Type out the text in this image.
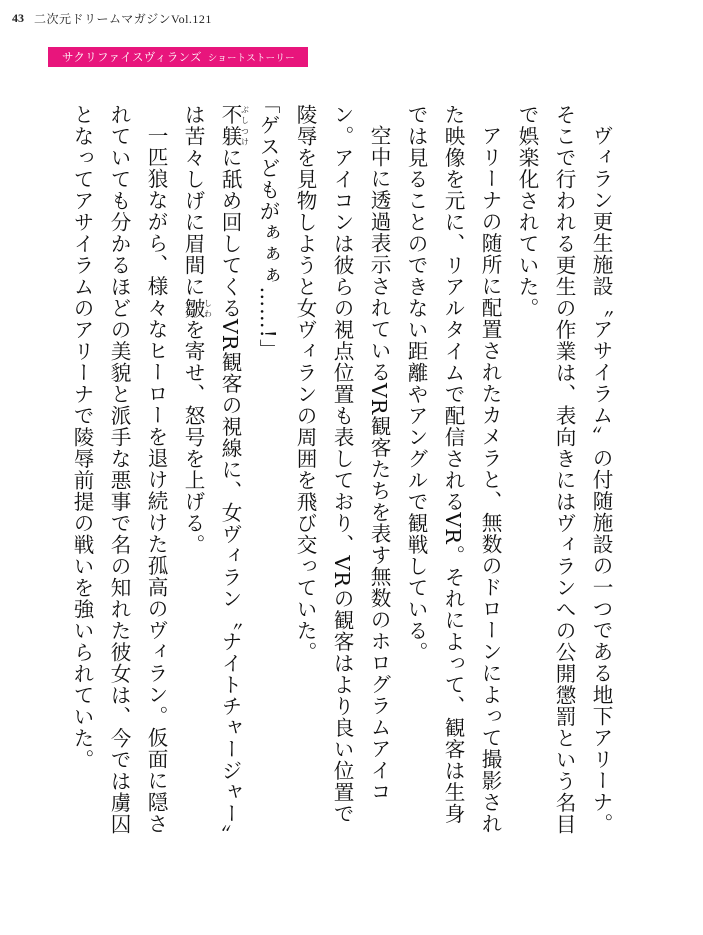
43 二次元ドリームマガジンVol.121
サクリファイスヴィランズ ショートストーリー

ヴィラン更生施設〝アサイラム〟の付随施設の一つである地下アリーナ。そこで行われる更生の作業は、表向きにはヴィランへの公開懲罰という名目で娯楽化されていた。

アリーナの随所に配置されたカメラと、無数のドローンによって撮影された映像を元に、リアルタイムで配信されるVR。それによって、観客は生身では見ることのできない距離やアングルで観戦している。

空中に透過表示されているVR観客たちを表す無数のホログラムアイコン。アイコンは彼らの視点位置も表しており、VRの観客はより良い位置で陵辱を見物しようと女ヴィランの周囲を飛び交っていた。

「ゲスどもがぁぁぁ……!」

不躾ぶしつけに舐め回してくるVR観客の視線に、女ヴィラン〝ナイトチャージャー〟は苦々しげに眉間に皺しわを寄せ、怒号を上げる。

一匹狼ながら、様々なヒーローを退け続けた孤高のヴィラン。仮面に隠されていても分かるほどの美貌と派手な悪事で名の知れた彼女は、今では虜囚となってアサイラムのアリーナで陵辱前提の戦いを強いられていた。
